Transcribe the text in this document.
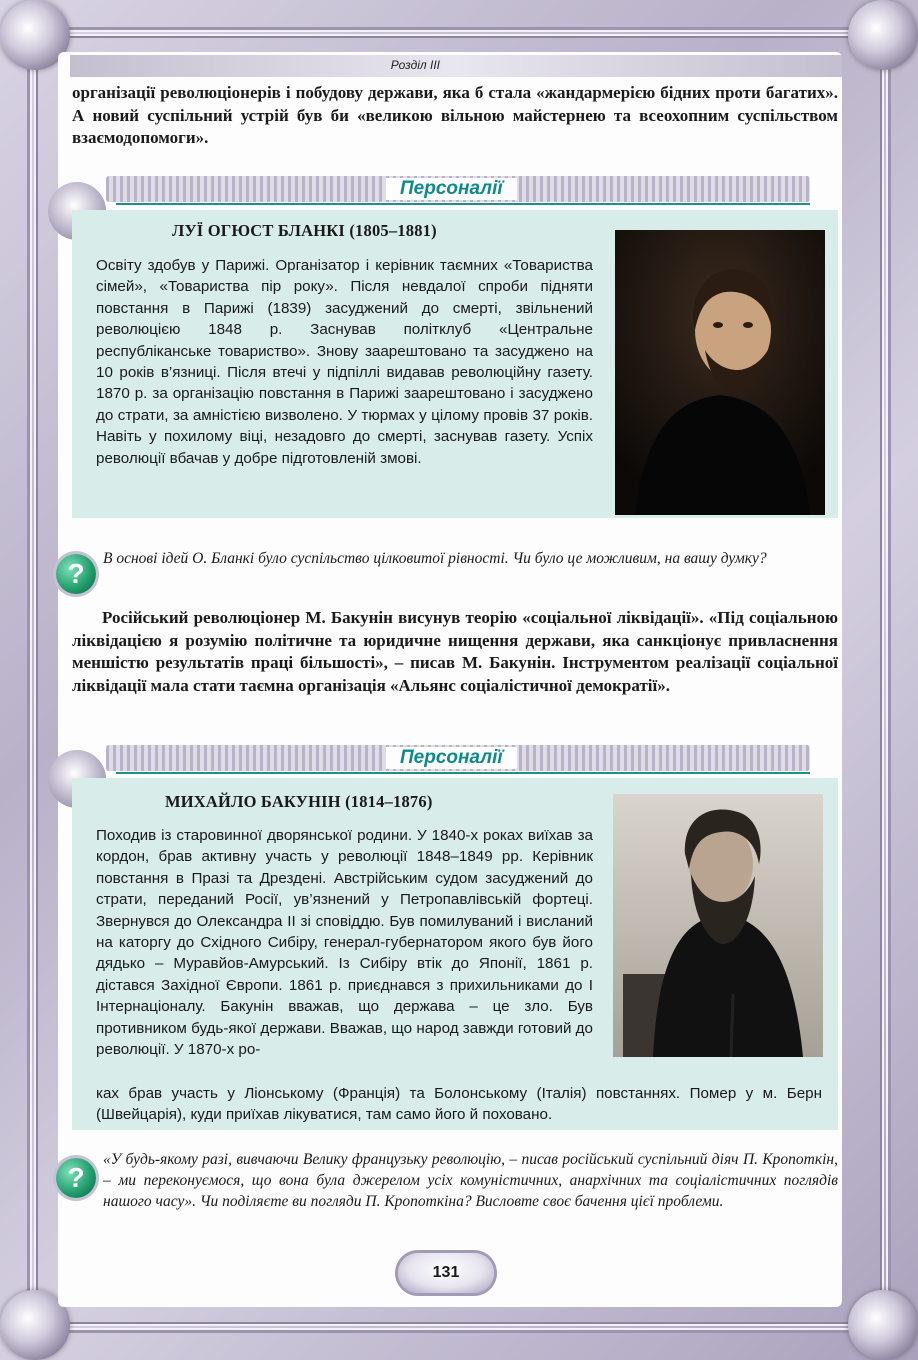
Розділ III

організації революціонерів і побудову держави, яка б стала «жандармерією бідних проти багатих». А новий суспільний устрій був би «великою вільною майстернею та всеохопним суспільством взаємодопомоги».

Персоналії
ЛУЇ ОГЮСТ БЛАНКІ (1805–1881)
Освіту здобув у Парижі. Організатор і керівник таємних «Товариства сімей», «Товариства пір року». Після невдалої спроби підняти повстання в Парижі (1839) засуджений до смерті, звільнений революцією 1848 р. Заснував політклуб «Центральне республіканське товариство». Знову заарештовано та засуджено на 10 років в’язниці. Після втечі у підпіллі видавав революційну газету. 1870 р. за організацію повстання в Парижі заарештовано і засуджено до страти, за амністією визволено. У тюрмах у цілому провів 37 років. Навіть у похилому віці, незадовго до смерті, заснував газету. Успіх революції вбачав у добре підготовленій змові.
?	В основі ідей О. Бланкі було суспільство цілковитої рівності. Чи було це можливим, на вашу думку?

Російський революціонер М. Бакунін висунув теорію «соціальної ліквідації». «Під соціальною ліквідацією я розумію політичне та юридичне нищення держави, яка санкціонує привласнення меншістю результатів праці більшості», – писав М. Бакунін. Інструментом реалізації соціальної ліквідації мала стати таємна організація «Альянс соціалістичної демократії».

Персоналії
МИХАЙЛО БАКУНІН (1814–1876)
Походив із старовинної дворянської родини. У 1840-х роках виїхав за кордон, брав активну участь у революції 1848–1849 рр. Керівник повстання в Празі та Дрездені. Австрійським судом засуджений до страти, переданий Росії, ув’язнений у Петропавлівській фортеці. Звернувся до Олександра II зі сповіддю. Був помилуваний і висланий на каторгу до Східного Сибіру, генерал-губернатором якого був його дядько – Муравйов-Амурський. Із Сибіру втік до Японії, 1861 р. дістався Західної Європи. 1861 р. приєднався з прихильниками до І Інтернаціоналу. Бакунін вважав, що держава – це зло. Був противником будь-якої держави. Вважав, що народ завжди готовий до революції. У 1870-х ро-
ках брав участь у Ліонському (Франція) та Болонському (Італія) повстаннях. Помер у м. Берн (Швейцарія), куди приїхав лікуватися, там само його й поховано.
?
«У будь-якому разі, вивчаючи Велику французьку революцію, – писав російський суспільний діяч П. Кропоткін, – ми переконуємося, що вона була джерелом усіх комуністичних, анархічних та соціалістичних поглядів нашого часу». Чи поділяєте ви погляди П. Кропоткіна? Висловте своє бачення цієї проблеми.
131
